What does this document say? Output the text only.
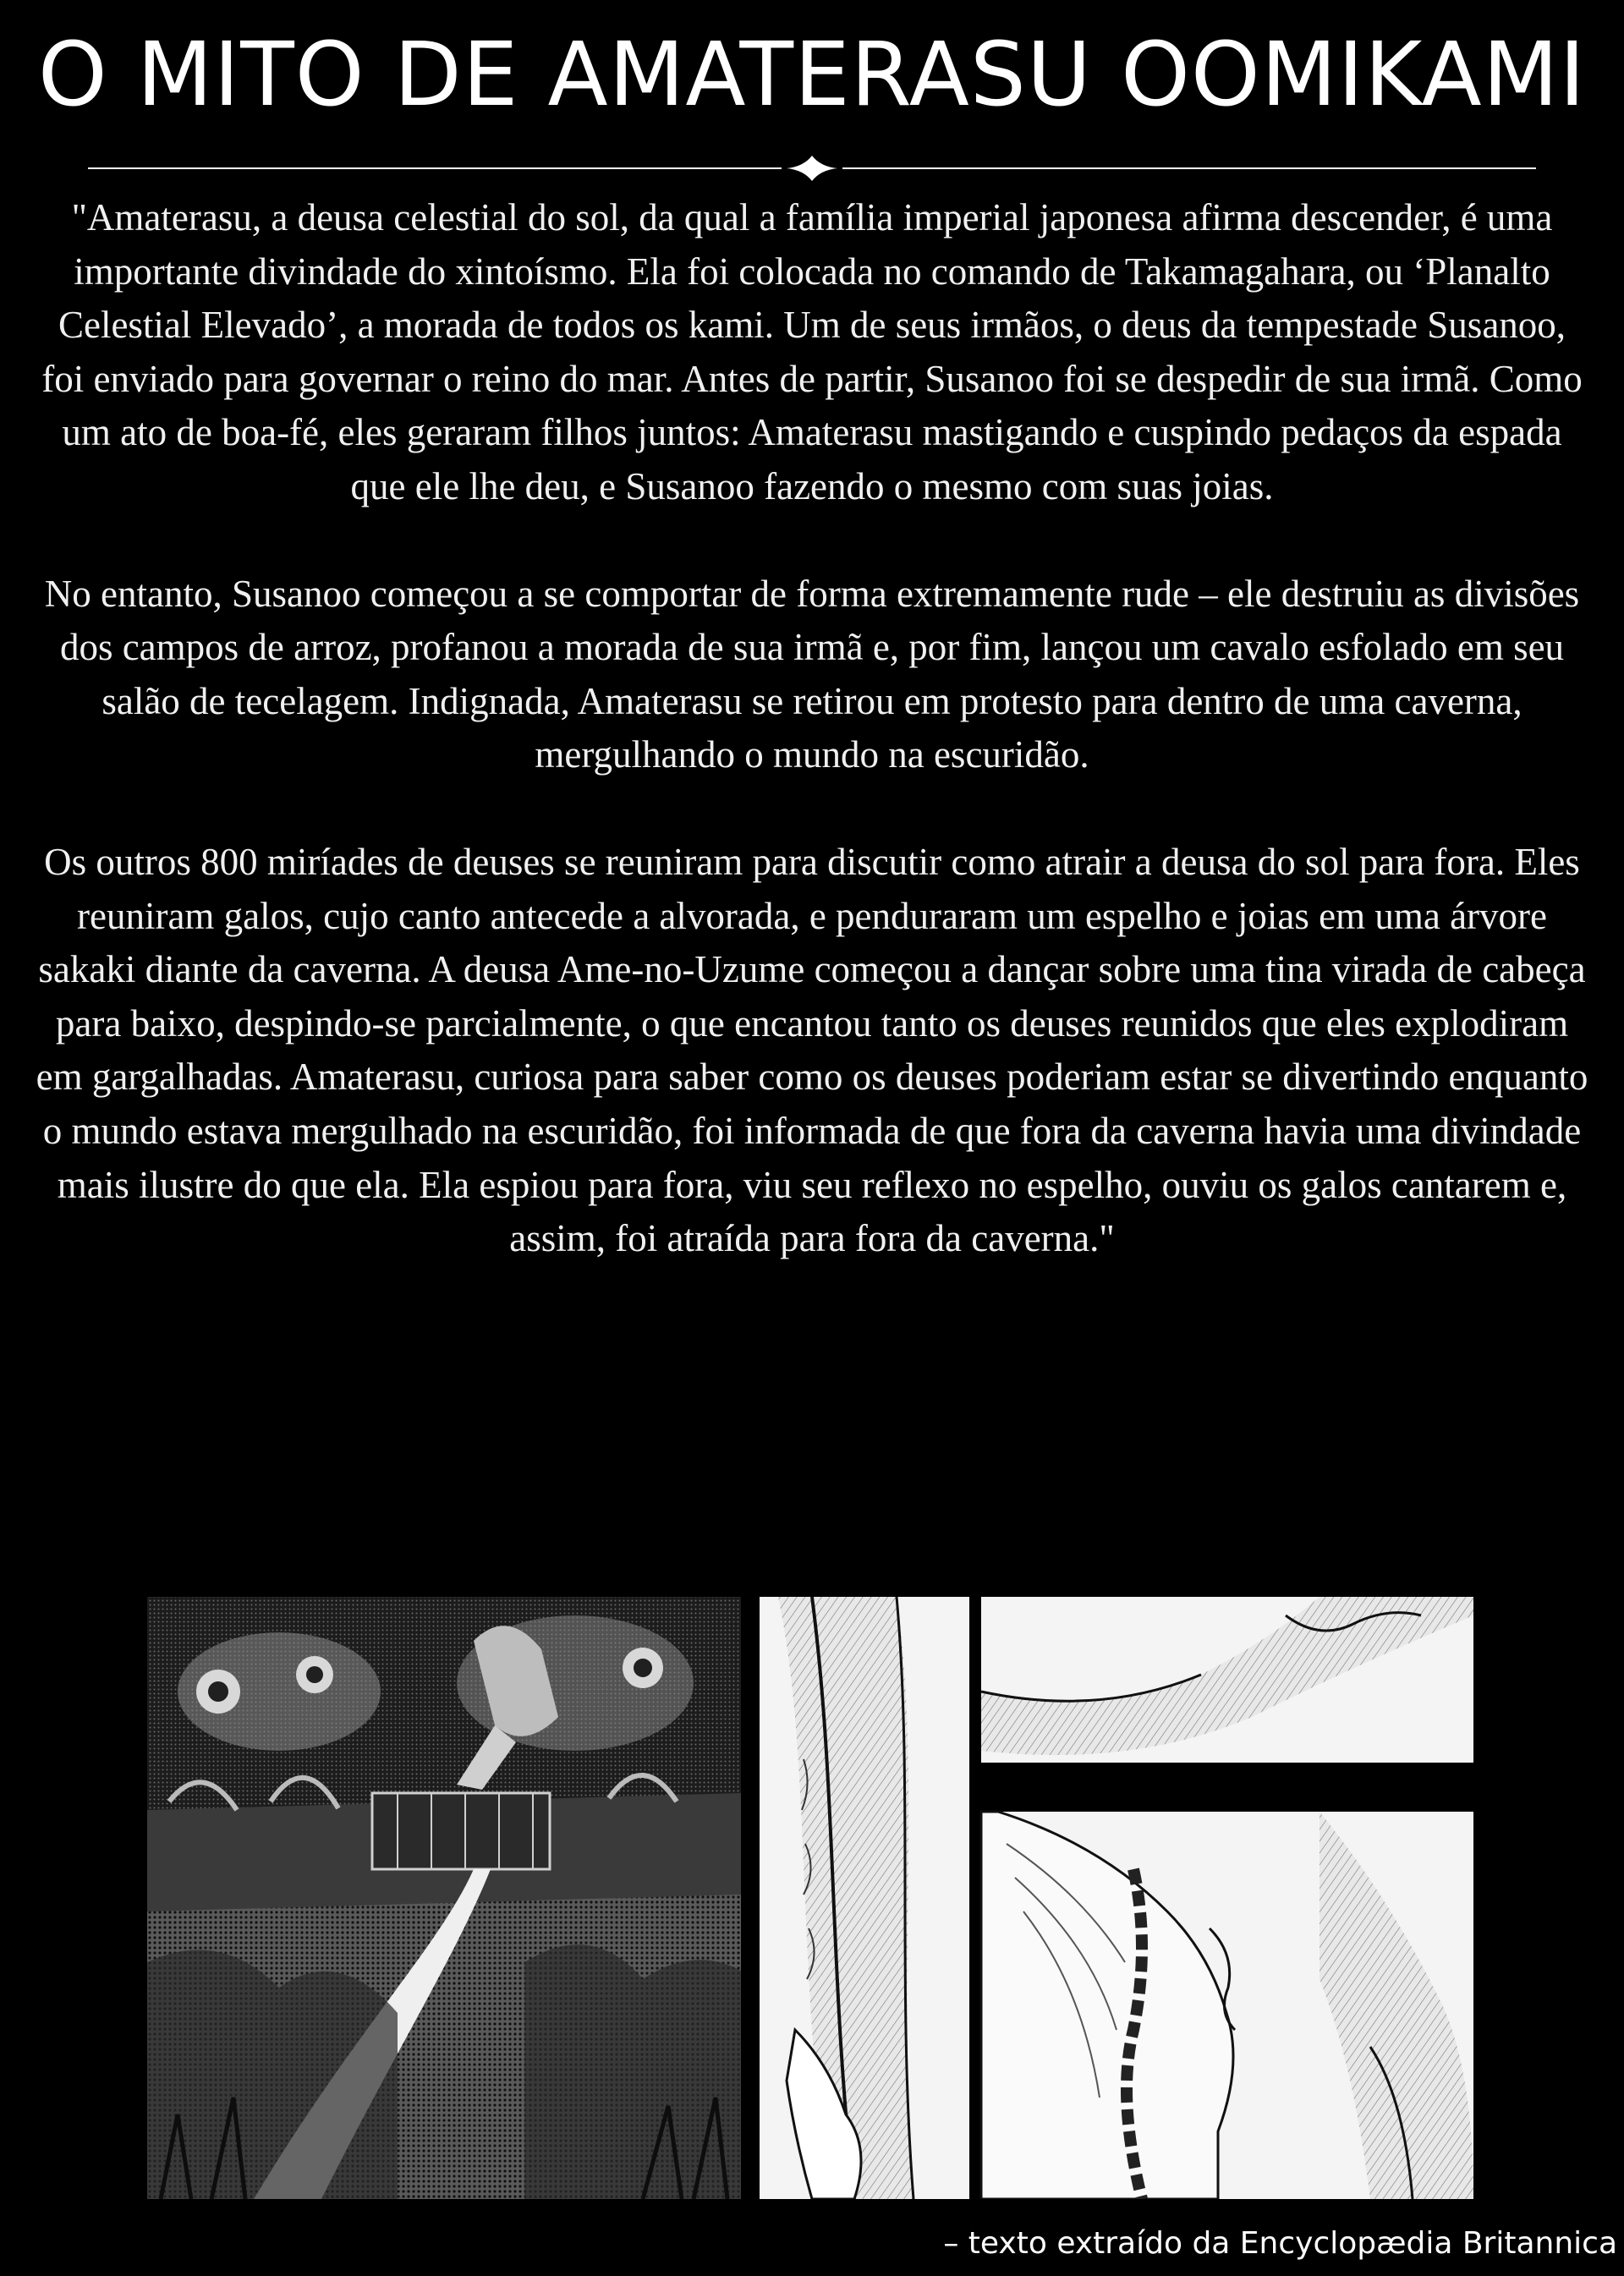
O MITO DE AMATERASU OOMIKAMI

"Amaterasu, a deusa celestial do sol, da qual a família imperial japonesa afirma descender, é uma importante divindade do xintoísmo. Ela foi colocada no comando de Takamagahara, ou ‘Planalto Celestial Elevado’, a morada de todos os kami. Um de seus irmãos, o deus da tempestade Susanoo, foi enviado para governar o reino do mar. Antes de partir, Susanoo foi se despedir de sua irmã. Como um ato de boa-fé, eles geraram filhos juntos: Amaterasu mastigando e cuspindo pedaços da espada que ele lhe deu, e Susanoo fazendo o mesmo com suas joias.

No entanto, Susanoo começou a se comportar de forma extremamente rude – ele destruiu as divisões dos campos de arroz, profanou a morada de sua irmã e, por fim, lançou um cavalo esfolado em seu salão de tecelagem. Indignada, Amaterasu se retirou em protesto para dentro de uma caverna, mergulhando o mundo na escuridão.

Os outros 800 miríades de deuses se reuniram para discutir como atrair a deusa do sol para fora. Eles reuniram galos, cujo canto antecede a alvorada, e penduraram um espelho e joias em uma árvore sakaki diante da caverna. A deusa Ame-no-Uzume começou a dançar sobre uma tina virada de cabeça para baixo, despindo-se parcialmente, o que encantou tanto os deuses reunidos que eles explodiram em gargalhadas. Amaterasu, curiosa para saber como os deuses poderiam estar se divertindo enquanto o mundo estava mergulhado na escuridão, foi informada de que fora da caverna havia uma divindade mais ilustre do que ela. Ela espiou para fora, viu seu reflexo no espelho, ouviu os galos cantarem e, assim, foi atraída para fora da caverna."

– texto extraído da Encyclopædia Britannica
